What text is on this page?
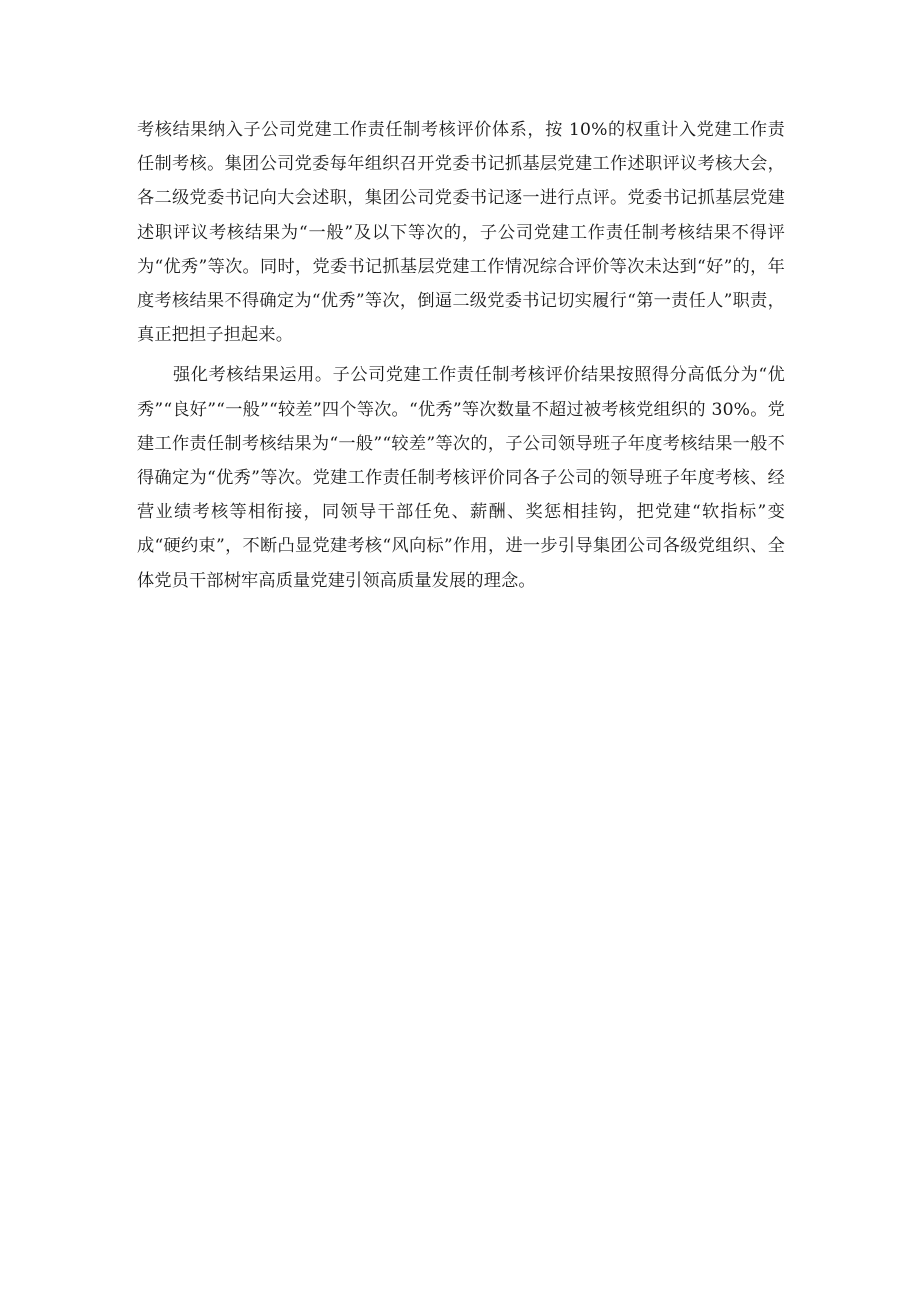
考核结果纳入子公司党建工作责任制考核评价体系，按 10%的权重计入党建工作责任制考核。集团公司党委每年组织召开党委书记抓基层党建工作述职评议考核大会，各二级党委书记向大会述职，集团公司党委书记逐一进行点评。党委书记抓基层党建述职评议考核结果为“一般”及以下等次的，子公司党建工作责任制考核结果不得评为“优秀”等次。同时，党委书记抓基层党建工作情况综合评价等次未达到“好”的，年度考核结果不得确定为“优秀”等次，倒逼二级党委书记切实履行“第一责任人”职责，真正把担子担起来。

强化考核结果运用。子公司党建工作责任制考核评价结果按照得分高低分为“优秀”“良好”“一般”“较差”四个等次。“优秀”等次数量不超过被考核党组织的 30%。党建工作责任制考核结果为“一般”“较差”等次的，子公司领导班子年度考核结果一般不得确定为“优秀”等次。党建工作责任制考核评价同各子公司的领导班子年度考核、经营业绩考核等相衔接，同领导干部任免、薪酬、奖惩相挂钩，把党建“软指标”变成“硬约束”，不断凸显党建考核“风向标”作用，进一步引导集团公司各级党组织、全体党员干部树牢高质量党建引领高质量发展的理念。
